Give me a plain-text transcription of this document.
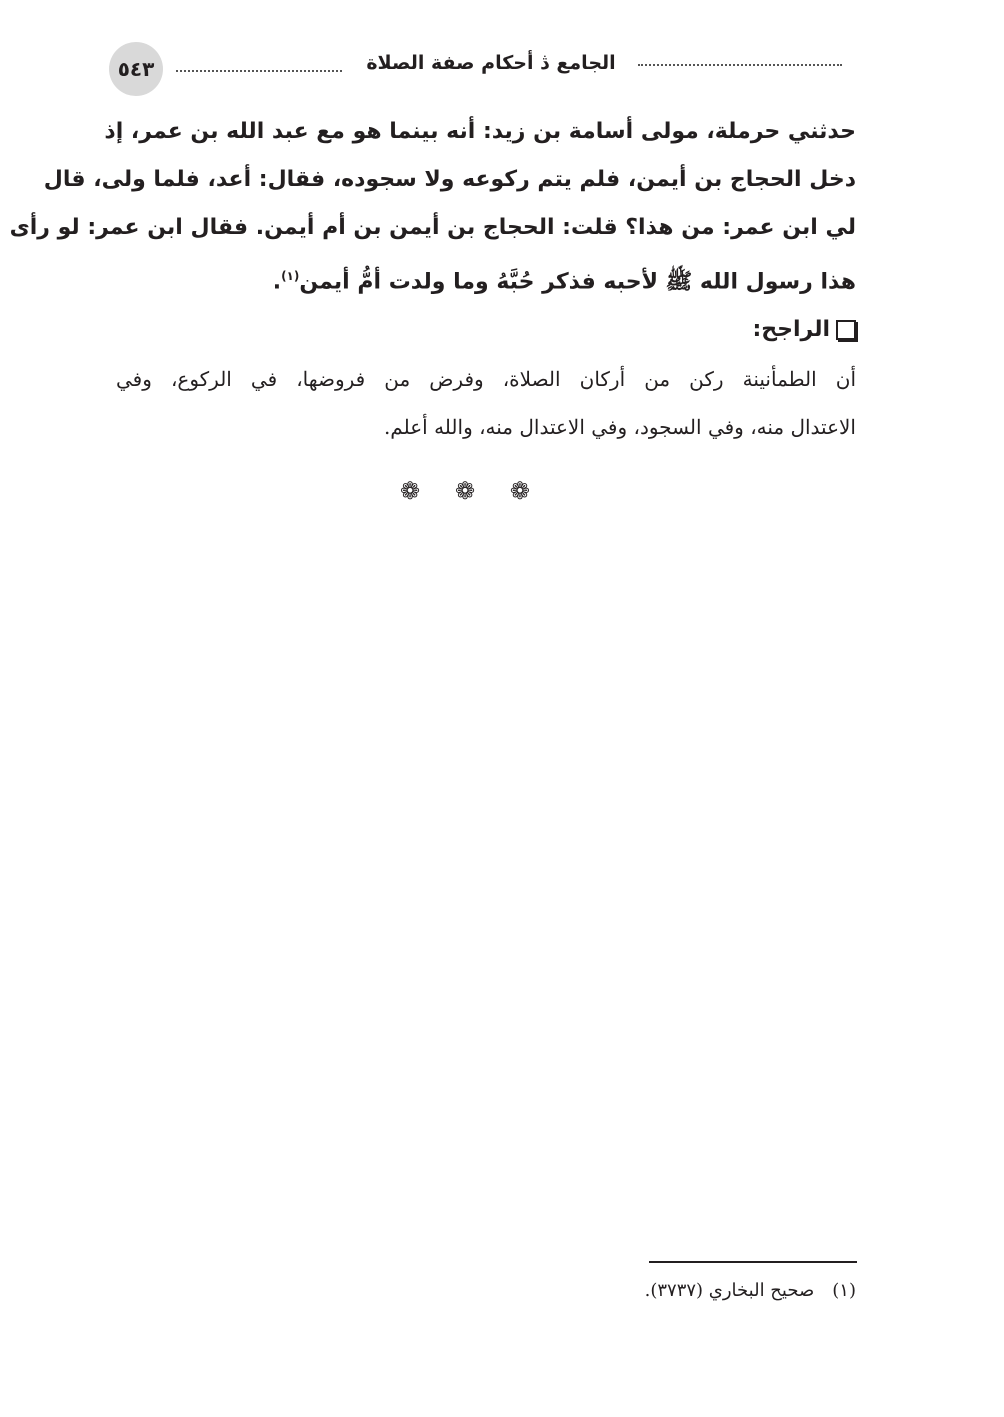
٥٤٣	الجامع ﮆ أحكام صفة الصلاة
حدثني حرملة، مولى أسامة بن زيد: أنه بينما هو مع عبد الله بن عمر، إذ
دخل الحجاج بن أيمن، فلم يتم ركوعه ولا سجوده، فقال: أعد، فلما ولى، قال
لي ابن عمر: من هذا؟ قلت: الحجاج بن أيمن بن أم أيمن. فقال ابن عمر: لو رأى
هذا رسول الله ﷺ لأحبه فذكر حُبَّهُ وما ولدت أمُّ أيمن$^{(١)}$.
الراجح:
أن الطمأنينة ركن من أركان الصلاة، وفرض من فروضها، في الركوع، وفي
الاعتدال منه، وفي السجود، وفي الاعتدال منه، والله أعلم.
❁ ❁ ❁
(١)صحيح البخاري (٣٧٣٧).
